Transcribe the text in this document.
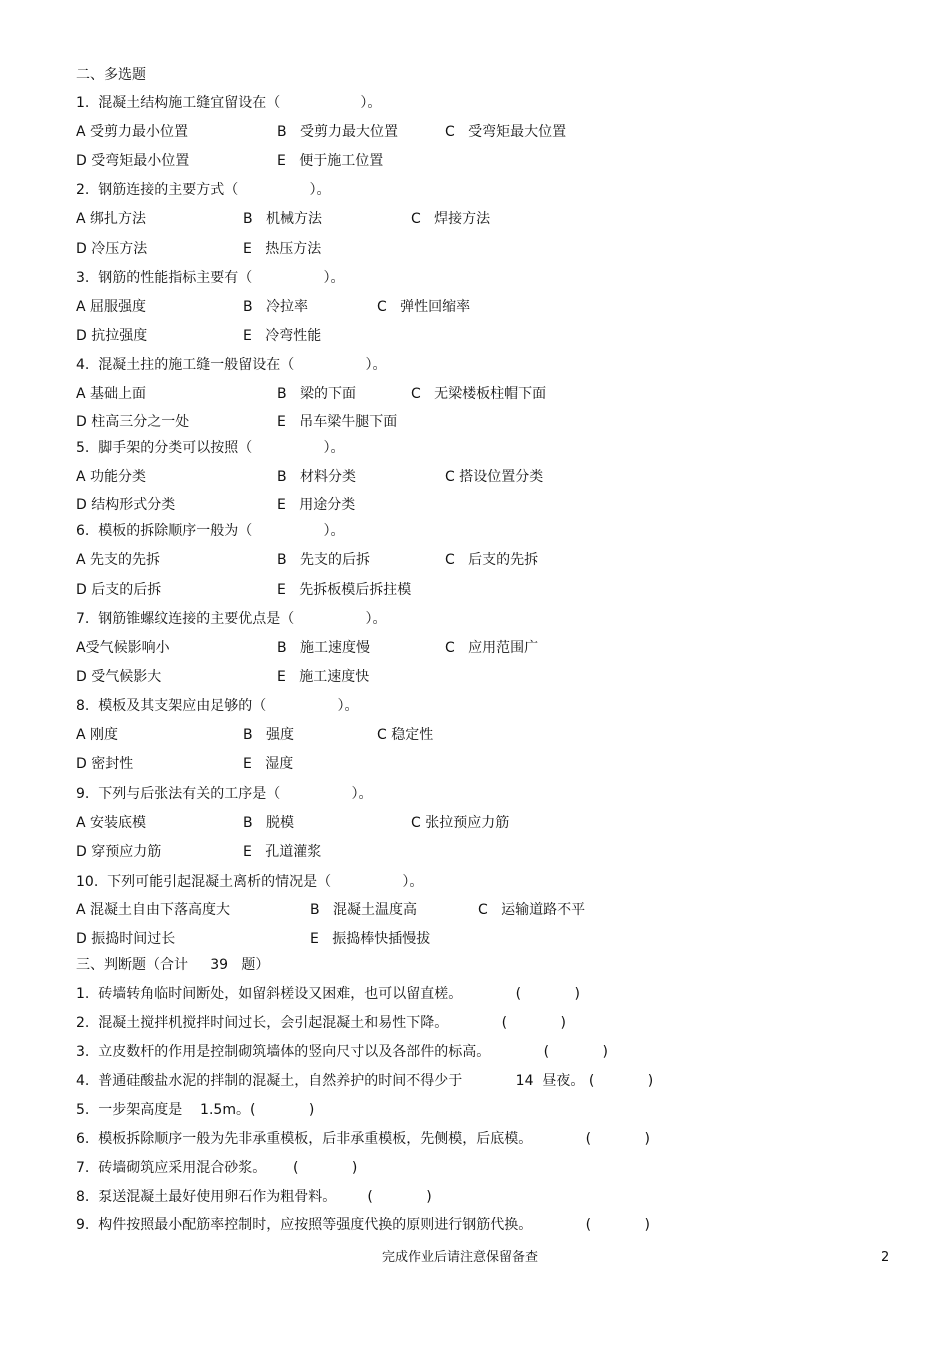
二、多选题
1.  混凝土结构施工缝宜留设在（                  ）。
A 受剪力最小位置	B   受剪力最大位置	C   受弯矩最大位置
D 受弯矩最小位置	E   便于施工位置
2.  钢筋连接的主要方式（                ）。
A 绑扎方法	B   机械方法	C   焊接方法
D 冷压方法	E   热压方法
3.  钢筋的性能指标主要有（                ）。
A 屈服强度	B   冷拉率	C   弹性回缩率
D 抗拉强度	E   冷弯性能
4.  混凝土拄的施工缝一般留设在（                ）。
A 基础上面	B   梁的下面	C   无梁楼板柱帽下面
D 柱高三分之一处	E   吊车梁牛腿下面
5.  脚手架的分类可以按照（                ）。
A 功能分类	B   材料分类	C 搭设位置分类
D 结构形式分类	E   用途分类
6.  模板的拆除顺序一般为（                ）。
A 先支的先拆	B   先支的后拆	C   后支的先拆
D 后支的后拆	E   先拆板模后拆拄模
7.  钢筋锥螺纹连接的主要优点是（                ）。
A受气候影响小	B   施工速度慢	C   应用范围广
D 受气候影大	E   施工速度快
8.  模板及其支架应由足够的（                ）。
A 刚度	B   强度	C 稳定性
D 密封性	E   湿度
9.  下列与后张法有关的工序是（                ）。
A 安装底模	B   脱模	C 张拉预应力筋
D 穿预应力筋	E   孔道灌浆
10.  下列可能引起混凝土离析的情况是（                ）。
A 混凝土自由下落高度大	B   混凝土温度高	C   运输道路不平
D 振捣时间过长	E   振捣棒快插慢拔
三、判断题（合计     39   题）
1.  砖墙转角临时间断处，如留斜槎设又困难，也可以留直槎。            (            )
2.  混凝土搅拌机搅拌时间过长，会引起混凝土和易性下降。            (            )
3.  立皮数杆的作用是控制砌筑墙体的竖向尺寸以及各部件的标高。            (            )
4.  普通硅酸盐水泥的拌制的混凝土，自然养护的时间不得少于            14  昼夜。 (            )
5.  一步架高度是    1.5m。(            )
6.  模板拆除顺序一般为先非承重模板，后非承重模板，先侧模，后底模。            (            )
7.  砖墙砌筑应采用混合砂浆。      (            )
8.  泵送混凝土最好使用卵石作为粗骨料。       (            )
9.  构件按照最小配筋率控制时，应按照等强度代换的原则进行钢筋代换。            (            )
完成作业后请注意保留备查	2
